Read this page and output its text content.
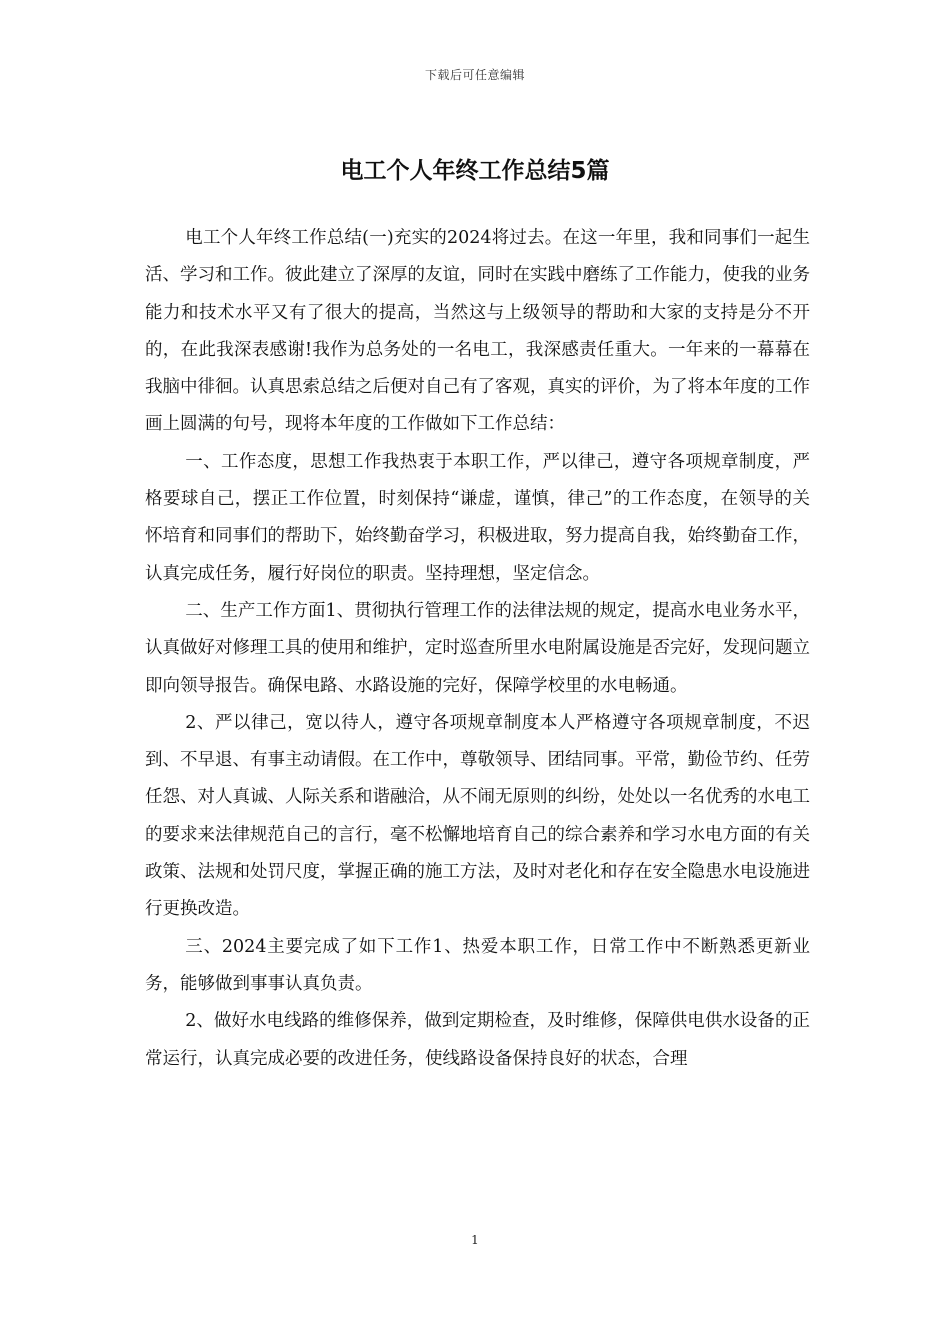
下载后可任意编辑
电工个人年终工作总结5篇

电工个人年终工作总结(一)充实的2024将过去。在这一年里，我和同事们一起生活、学习和工作。彼此建立了深厚的友谊，同时在实践中磨练了工作能力，使我的业务能力和技术水平又有了很大的提高，当然这与上级领导的帮助和大家的支持是分不开的，在此我深表感谢!我作为总务处的一名电工，我深感责任重大。一年来的一幕幕在我脑中徘徊。认真思索总结之后便对自己有了客观，真实的评价，为了将本年度的工作画上圆满的句号，现将本年度的工作做如下工作总结：

一、工作态度，思想工作我热衷于本职工作，严以律己，遵守各项规章制度，严格要球自己，摆正工作位置，时刻保持“谦虚，谨慎，律己”的工作态度，在领导的关怀培育和同事们的帮助下，始终勤奋学习，积极进取，努力提高自我，始终勤奋工作，认真完成任务，履行好岗位的职责。坚持理想，坚定信念。

二、生产工作方面1、贯彻执行管理工作的法律法规的规定，提高水电业务水平，认真做好对修理工具的使用和维护，定时巡查所里水电附属设施是否完好，发现问题立即向领导报告。确保电路、水路设施的完好，保障学校里的水电畅通。

2、严以律己，宽以待人，遵守各项规章制度本人严格遵守各项规章制度，不迟到、不早退、有事主动请假。在工作中，尊敬领导、团结同事。平常，勤俭节约、任劳任怨、对人真诚、人际关系和谐融洽，从不闹无原则的纠纷，处处以一名优秀的水电工的要求来法律规范自己的言行，毫不松懈地培育自己的综合素养和学习水电方面的有关政策、法规和处罚尺度，掌握正确的施工方法，及时对老化和存在安全隐患水电设施进行更换改造。

三、2024主要完成了如下工作1、热爱本职工作，日常工作中不断熟悉更新业务，能够做到事事认真负责。

2、做好水电线路的维修保养，做到定期检查，及时维修，保障供电供水设备的正常运行，认真完成必要的改进任务，使线路设备保持良好的状态，合理

1
